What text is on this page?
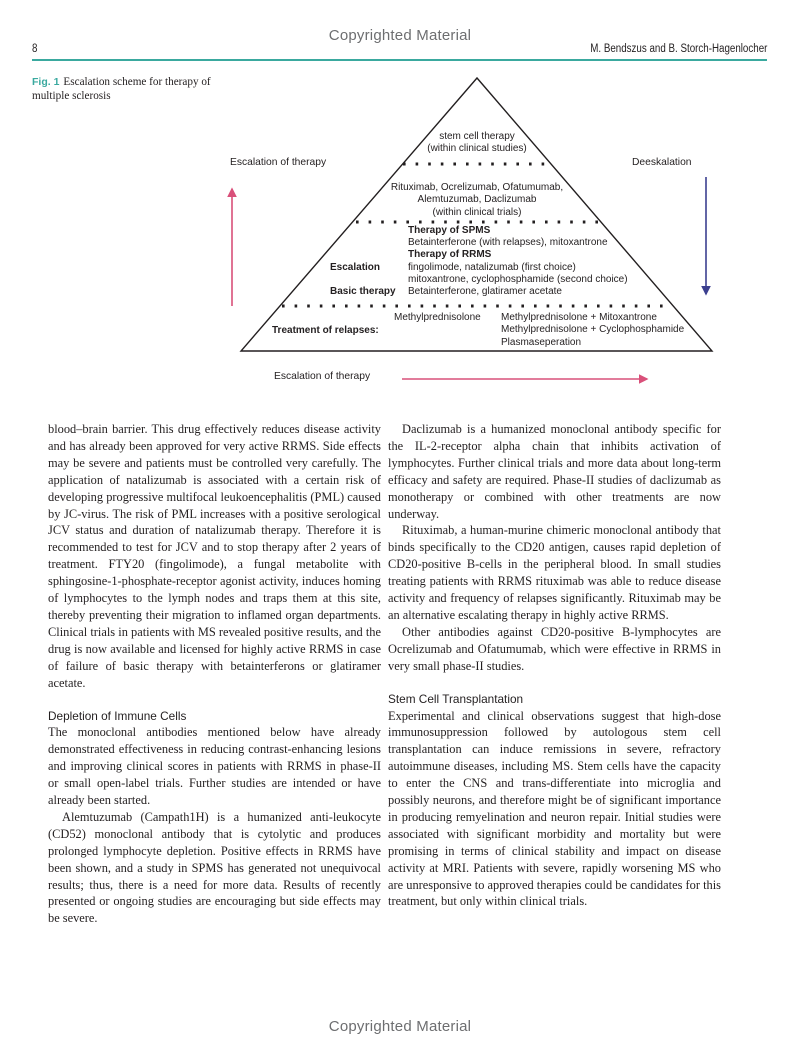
Copyrighted Material
8	M. Bendszus and B. Storch-Hagenlocher
Fig. 1 Escalation scheme for therapy of multiple sclerosis
Escalation of therapy	Deeskalation
stem cell therapy
(within clinical studies)
Rituximab, Ocrelizumab, Ofatumumab,
Alemtuzumab, Daclizumab
(within clinical trials)
Therapy of SPMS
Betainterferone (with relapses), mitoxantrone
Therapy of RRMS
Escalation	fingolimode, natalizumab (first choice)
mitoxantrone, cyclophosphamide (second choice)
Basic therapy Betainterferone, glatiramer acetate
Methylprednisolone
Treatment of relapses:
Methylprednisolone + Mitoxantrone
Methylprednisolone + Cyclophosphamide
Plasmaseperation
Escalation of therapy

blood–brain barrier. This drug effectively reduces disease activity and has already been approved for very active RRMS. Side effects may be severe and patients must be controlled very carefully. The application of natalizumab is associated with a certain risk of developing progressive multifocal leukoencephalitis (PML) caused by JC-virus. The risk of PML increases with a positive serological JCV status and duration of natalizumab therapy. Therefore it is recommended to test for JCV and to stop therapy after 2 years of treatment. FTY20 (fingolimode), a fungal metabolite with sphingosine-1-phosphate-receptor agonist activity, induces homing of lymphocytes to the lymph nodes and traps them at this site, thereby preventing their migration to inflamed organ departments. Clinical trials in patients with MS revealed positive results, and the drug is now available and licensed for highly active RRMS in case of failure of basic therapy with betainterferons or glatiramer acetate.

Depletion of Immune Cells

The monoclonal antibodies mentioned below have already demonstrated effectiveness in reducing contrast-enhancing lesions and improving clinical scores in patients with RRMS in phase-II or small open-label trials. Further studies are intended or have already been started.

Alemtuzumab (Campath1H) is a humanized anti-leukocyte (CD52) monoclonal antibody that is cytolytic and produces prolonged lymphocyte depletion. Positive effects in RRMS have been shown, and a study in SPMS has generated not unequivocal results; thus, there is a need for more data. Results of recently presented or ongoing studies are encouraging but side effects may be severe.

Daclizumab is a humanized monoclonal antibody specific for the IL-2-receptor alpha chain that inhibits activation of lymphocytes. Further clinical trials and more data about long-term efficacy and safety are required. Phase-II studies of daclizumab as monotherapy or combined with other treatments are now underway.

Rituximab, a human-murine chimeric monoclonal antibody that binds specifically to the CD20 antigen, causes rapid depletion of CD20-positive B-cells in the peripheral blood. In small studies treating patients with RRMS rituximab was able to reduce disease activity and frequency of relapses significantly. Rituximab may be an alternative escalating therapy in highly active RRMS.

Other antibodies against CD20-positive B-lymphocytes are Ocrelizumab and Ofatumumab, which were effective in RRMS in very small phase-II studies.

Stem Cell Transplantation

Experimental and clinical observations suggest that high-dose immunosuppression followed by autologous stem cell transplantation can induce remissions in severe, refractory autoimmune diseases, including MS. Stem cells have the capacity to enter the CNS and trans-differentiate into microglia and possibly neurons, and therefore might be of significant importance in producing remyelination and neuron repair. Initial studies were associated with significant morbidity and mortality but were promising in terms of clinical stability and impact on disease activity at MRI. Patients with severe, rapidly worsening MS who are unresponsive to approved therapies could be candidates for this treatment, but only within clinical trials.

Copyrighted Material
